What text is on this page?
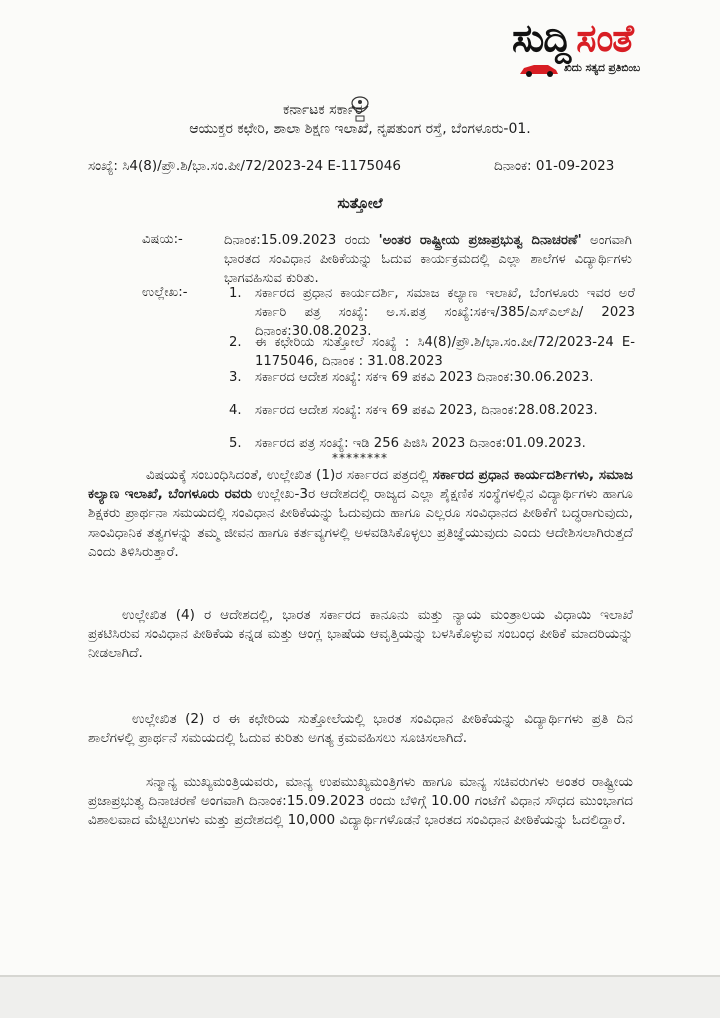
ಸುದ್ದಿ ಸಂತೆ
ಖಿದು ಸತ್ಯದ ಪ್ರತಿಬಿಂಬ
ಕರ್ನಾಟಕ ಸರ್ಕಾರ
ಆಯುಕ್ತರ ಕಛೇರಿ, ಶಾಲಾ ಶಿಕ್ಷಣ ಇಲಾಖೆ, ನೃಪತುಂಗ ರಸ್ತೆ, ಬೆಂಗಳೂರು-01.
ಸಂಖ್ಯೆ: ಸಿ4(8)/ಪ್ರೌ.ಶಿ/ಭಾ.ಸಂ.ಪೀ/72/2023-24 E-1175046	ದಿನಾಂಕ: 01-09-2023
ಸುತ್ತೋಲೆ
ವಿಷಯ:-	ದಿನಾಂಕ:15.09.2023 ರಂದು 'ಅಂತರ ರಾಷ್ಟ್ರೀಯ ಪ್ರಜಾಪ್ರಭುತ್ವ ದಿನಾಚರಣೆ' ಅಂಗವಾಗಿ ಭಾರತದ ಸಂವಿಧಾನ ಪೀಠಿಕೆಯನ್ನು ಓದುವ ಕಾರ್ಯಕ್ರಮದಲ್ಲಿ ಎಲ್ಲಾ ಶಾಲೆಗಳ ವಿದ್ಯಾರ್ಥಿಗಳು ಭಾಗವಹಿಸುವ ಕುರಿತು.
ಉಲ್ಲೇಖ:-	1. ಸರ್ಕಾರದ ಪ್ರಧಾನ ಕಾರ್ಯದರ್ಶಿ, ಸಮಾಜ ಕಲ್ಯಾಣ ಇಲಾಖೆ, ಬೆಂಗಳೂರು ಇವರ ಅರೆ ಸರ್ಕಾರಿ ಪತ್ರ ಸಂಖ್ಯೆ: ಅ.ಸ.ಪತ್ರ ಸಂಖ್ಯೆ:ಸಕಇ/385/ಎಸ್ಎಲ್‌ಪಿ/ 2023 ದಿನಾಂಕ:30.08.2023.
2. ಈ ಕಛೇರಿಯ ಸುತ್ತೋಲೆ ಸಂಖ್ಯೆ : ಸಿ4(8)/ಪ್ರೌ.ಶಿ/ಭಾ.ಸಂ.ಪೀ/72/2023-24 E-1175046, ದಿನಾಂಕ : 31.08.2023
3. ಸರ್ಕಾರದ ಆದೇಶ ಸಂಖ್ಯೆ: ಸಕಇ 69 ಪಕವಿ 2023 ದಿನಾಂಕ:30.06.2023.
4. ಸರ್ಕಾರದ ಆದೇಶ ಸಂಖ್ಯೆ: ಸಕಇ 69 ಪಕವಿ 2023, ದಿನಾಂಕ:28.08.2023.
5. ಸರ್ಕಾರದ ಪತ್ರ ಸಂಖ್ಯೆ: ಇಡಿ 256 ಪಿಜಿಸಿ 2023 ದಿನಾಂಕ:01.09.2023.
********
ವಿಷಯಕ್ಕೆ ಸಂಬಂಧಿಸಿದಂತೆ, ಉಲ್ಲೇಖಿತ (1)ರ ಸರ್ಕಾರದ ಪತ್ರದಲ್ಲಿ ಸರ್ಕಾರದ ಪ್ರಧಾನ ಕಾರ್ಯದರ್ಶಿಗಳು, ಸಮಾಜ ಕಲ್ಯಾಣ ಇಲಾಖೆ, ಬೆಂಗಳೂರು ರವರು ಉಲ್ಲೇಖ-3ರ ಆದೇಶದಲ್ಲಿ ರಾಜ್ಯದ ಎಲ್ಲಾ ಶೈಕ್ಷಣಿಕ ಸಂಸ್ಥೆಗಳಲ್ಲಿನ ವಿದ್ಯಾರ್ಥಿಗಳು ಹಾಗೂ ಶಿಕ್ಷಕರು ಪ್ರಾರ್ಥನಾ ಸಮಯದಲ್ಲಿ ಸಂವಿಧಾನ ಪೀಠಿಕೆಯನ್ನು ಓದುವುದು ಹಾಗೂ ಎಲ್ಲರೂ ಸಂವಿಧಾನದ ಪೀಠಿಕೆಗೆ ಬದ್ಧರಾಗುವುದು, ಸಾಂವಿಧಾನಿಕ ತತ್ವಗಳನ್ನು ತಮ್ಮ ಜೀವನ ಹಾಗೂ ಕರ್ತವ್ಯಗಳಲ್ಲಿ ಅಳವಡಿಸಿಕೊಳ್ಳಲು ಪ್ರತಿಜ್ಞೆಯುವುದು ಎಂದು ಆದೇಶಿಸಲಾಗಿರುತ್ತದೆ ಎಂದು ತಿಳಿಸಿರುತ್ತಾರೆ.
ಉಲ್ಲೇಖಿತ (4) ರ ಆದೇಶದಲ್ಲಿ, ಭಾರತ ಸರ್ಕಾರದ ಕಾನೂನು ಮತ್ತು ನ್ಯಾಯ ಮಂತ್ರಾಲಯ ವಿಧಾಯಿ ಇಲಾಖೆ ಪ್ರಕಟಿಸಿರುವ ಸಂವಿಧಾನ ಪೀಠಿಕೆಯ ಕನ್ನಡ ಮತ್ತು ಆಂಗ್ಲ ಭಾಷೆಯ ಆವೃತ್ತಿಯನ್ನು ಬಳಸಿಕೊಳ್ಳುವ ಸಂಬಂಧ ಪೀಠಿಕೆ ಮಾದರಿಯನ್ನು ನೀಡಲಾಗಿದೆ.
ಉಲ್ಲೇಖಿತ (2) ರ ಈ ಕಛೇರಿಯ ಸುತ್ತೋಲೆಯಲ್ಲಿ ಭಾರತ ಸಂವಿಧಾನ ಪೀಠಿಕೆಯನ್ನು ವಿದ್ಯಾರ್ಥಿಗಳು ಪ್ರತಿ ದಿನ ಶಾಲೆಗಳಲ್ಲಿ ಪ್ರಾರ್ಥನೆ ಸಮಯದಲ್ಲಿ ಓದುವ ಕುರಿತು ಅಗತ್ಯ ಕ್ರಮವಹಿಸಲು ಸೂಚಿಸಲಾಗಿದೆ.
ಸನ್ಮಾನ್ಯ ಮುಖ್ಯಮಂತ್ರಿಯವರು, ಮಾನ್ಯ ಉಪಮುಖ್ಯಮಂತ್ರಿಗಳು ಹಾಗೂ ಮಾನ್ಯ ಸಚಿವರುಗಳು ಅಂತರ ರಾಷ್ಟ್ರೀಯ ಪ್ರಜಾಪ್ರಭುತ್ವ ದಿನಾಚರಣೆ ಅಂಗವಾಗಿ ದಿನಾಂಕ:15.09.2023 ರಂದು ಬೆಳಿಗ್ಗೆ 10.00 ಗಂಟೆಗೆ ವಿಧಾನ ಸೌಧದ ಮುಂಭಾಗದ ವಿಶಾಲವಾದ ಮೆಟ್ಟಿಲುಗಳು ಮತ್ತು ಪ್ರದೇಶದಲ್ಲಿ 10,000 ವಿದ್ಯಾರ್ಥಿಗಳೊಡನೆ ಭಾರತದ ಸಂವಿಧಾನ ಪೀಠಿಕೆಯನ್ನು ಓದಲಿದ್ದಾರೆ.
